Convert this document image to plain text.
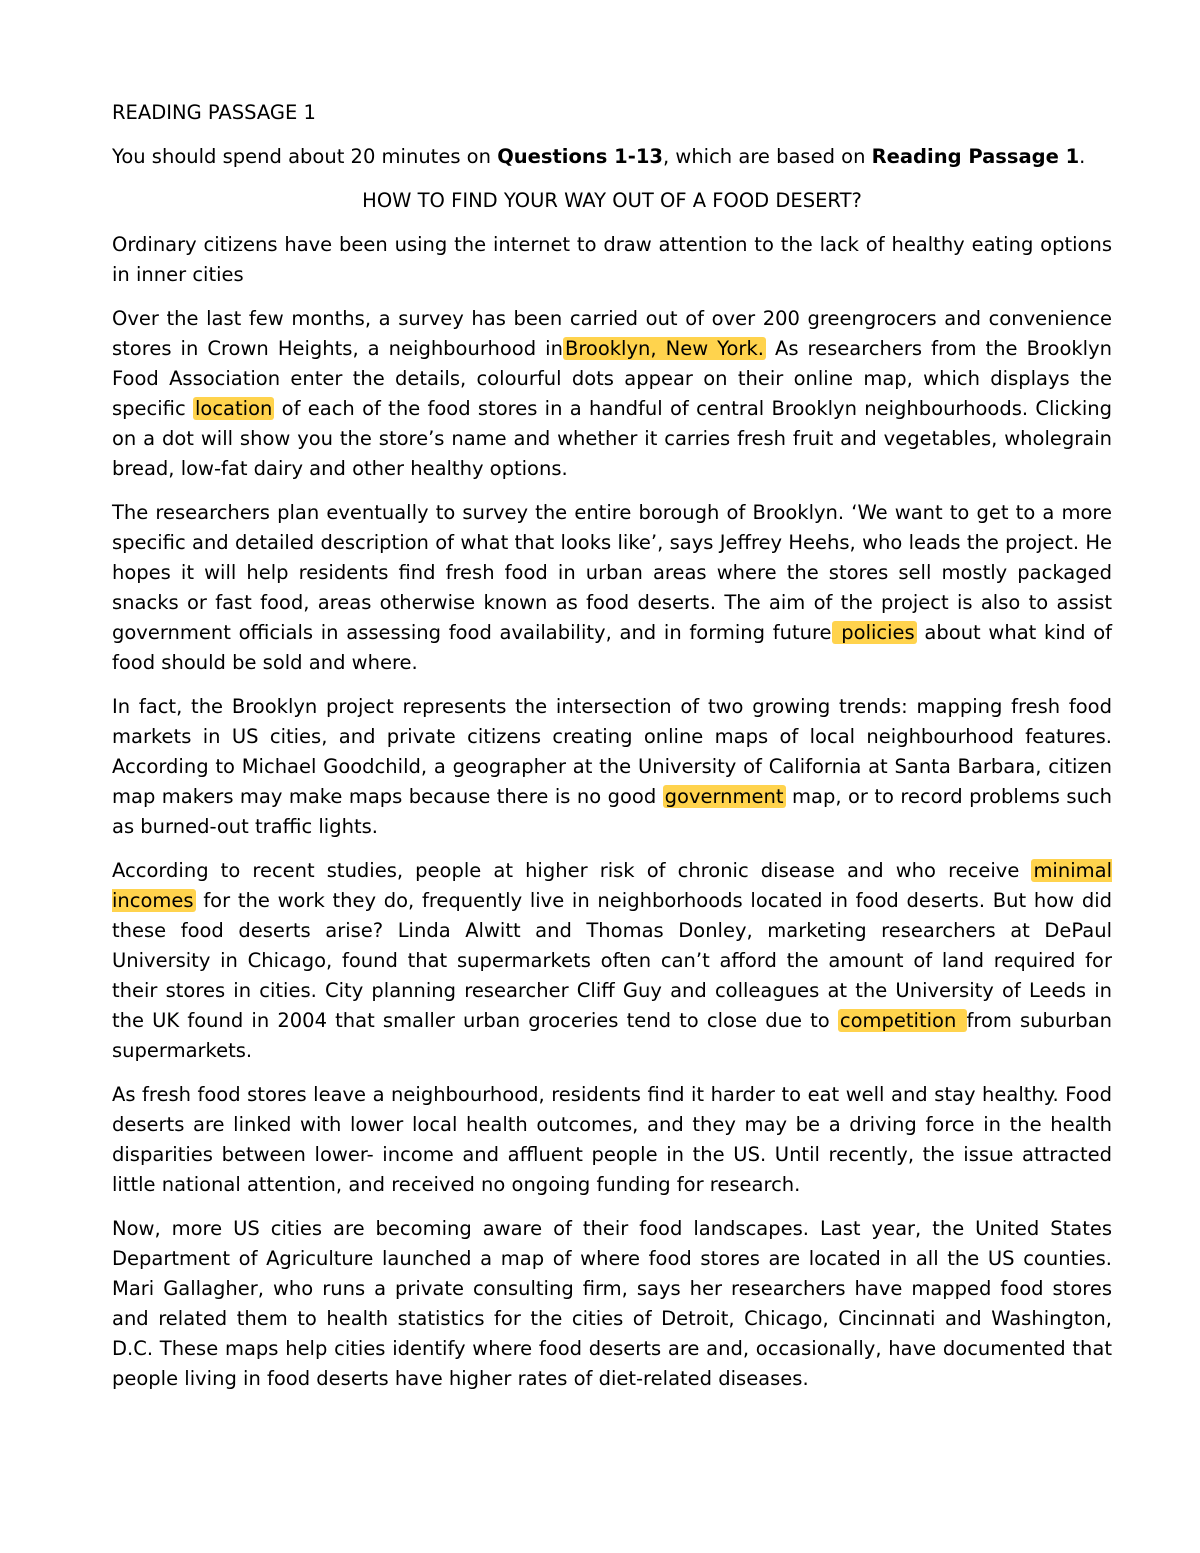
READING PASSAGE 1

You should spend about 20 minutes on Questions 1-13, which are based on Reading Passage 1.

HOW TO FIND YOUR WAY OUT OF A FOOD DESERT?

Ordinary citizens have been using the internet to draw attention to the lack of healthy eating options in inner cities

Over the last few months, a survey has been carried out of over 200 greengrocers and convenience stores in Crown Heights, a neighbourhood in Brooklyn, New York. As researchers from the Brooklyn Food Association enter the details, colourful dots appear on their online map, which displays the specific location of each of the food stores in a handful of central Brooklyn neighbourhoods. Clicking on a dot will show you the store’s name and whether it carries fresh fruit and vegetables, wholegrain bread, low-fat dairy and other healthy options.

The researchers plan eventually to survey the entire borough of Brooklyn. ‘We want to get to a more specific and detailed description of what that looks like’, says Jeffrey Heehs, who leads the project. He hopes it will help residents find fresh food in urban areas where the stores sell mostly packaged snacks or fast food, areas otherwise known as food deserts. The aim of the project is also to assist government officials in assessing food availability, and in forming future policies about what kind of food should be sold and where.

In fact, the Brooklyn project represents the intersection of two growing trends: mapping fresh food markets in US cities, and private citizens creating online maps of local neighbourhood features. According to Michael Goodchild, a geographer at the University of California at Santa Barbara, citizen map makers may make maps because there is no good government map, or to record problems such as burned-out traffic lights.

According to recent studies, people at higher risk of chronic disease and who receive minimal incomes for the work they do, frequently live in neighborhoods located in food deserts. But how did these food deserts arise? Linda Alwitt and Thomas Donley, marketing researchers at DePaul University in Chicago, found that supermarkets often can’t afford the amount of land required for their stores in cities. City planning researcher Cliff Guy and colleagues at the University of Leeds in the UK found in 2004 that smaller urban groceries tend to close due to competition from suburban supermarkets.

As fresh food stores leave a neighbourhood, residents find it harder to eat well and stay healthy. Food deserts are linked with lower local health outcomes, and they may be a driving force in the health disparities between lower- income and affluent people in the US. Until recently, the issue attracted little national attention, and received no ongoing funding for research.

Now, more US cities are becoming aware of their food landscapes. Last year, the United States Department of Agriculture launched a map of where food stores are located in all the US counties. Mari Gallagher, who runs a private consulting firm, says her researchers have mapped food stores and related them to health statistics for the cities of Detroit, Chicago, Cincinnati and Washington, D.C. These maps help cities identify where food deserts are and, occasionally, have documented that people living in food deserts have higher rates of diet-related diseases.
